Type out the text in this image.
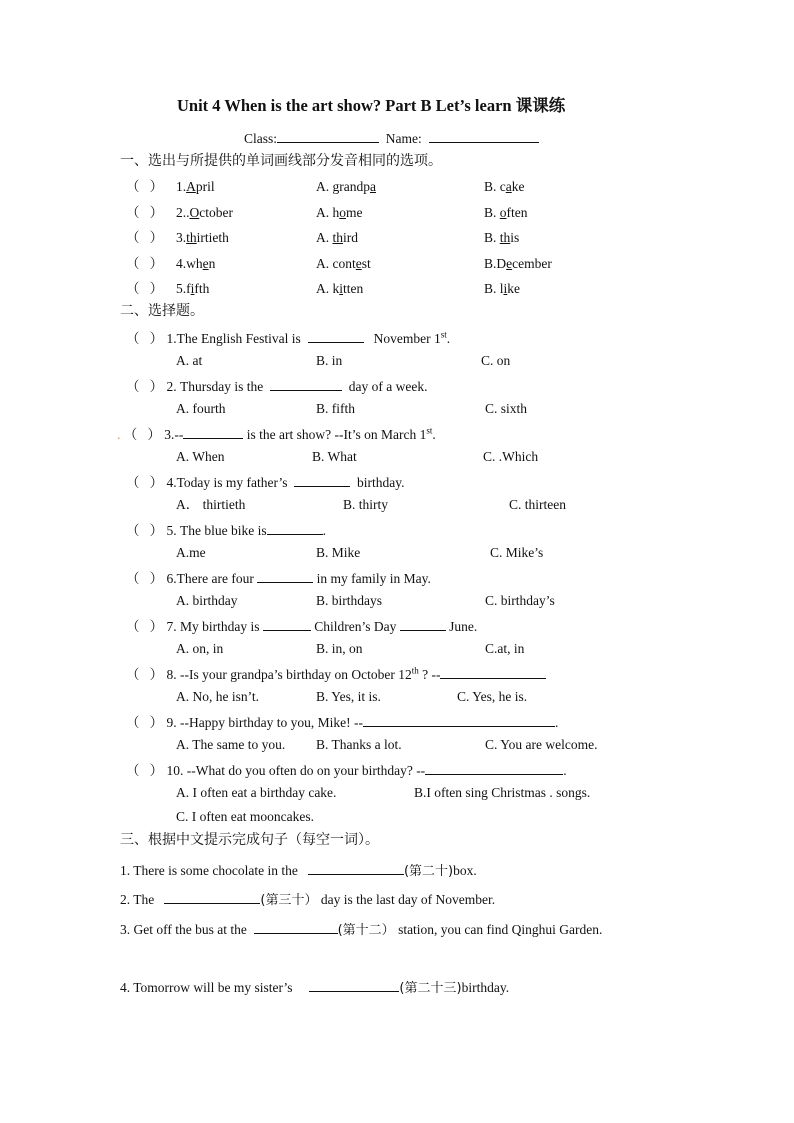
Unit 4 When is the art show? Part B Let’s learn 课课练
Class:	Name:
一、选出与所提供的单词画线部分发音相同的选项。
（ ） 1.April	A. grandpa	B. cake
（ ） 2..October	A. home	B. often
（ ） 3.thirtieth	A. third	B. this
（ ） 4.when	A. contest	B.December
（ ） 5.fifth	A. kitten	B. like
二、选择题。
（ ） 1.The English Festival is	November 1st.
A. at	B. in	C. on
（ ） 2. Thursday is the	day of a week.
A. fourth	B. fifth	C. sixth
. （ ） 3.--	is the art show? --It’s on March 1st.
A. When	B. What	C. .Which
（ ） 4.Today is my father’s	birthday.
A． thirtieth	B. thirty	C. thirteen
（ ） 5. The blue bike is	.
A.me	B. Mike	C. Mike’s
（ ） 6.There are four	in my family in May.
A. birthday	B. birthdays	C. birthday’s
（ ） 7. My birthday is	Children’s Day	June.
A. on, in	B. in, on	C.at, in
（ ） 8. --Is your grandpa’s birthday on October 12th ? --
A. No, he isn’t.	B. Yes, it is.	C. Yes, he is.
（ ） 9. --Happy birthday to you, Mike! --	.
A. The same to you. B. Thanks a lot.	C. You are welcome.
（ ） 10. --What do you often do on your birthday? --	.
A. I often eat a birthday cake.	B.I often sing Christmas . songs.
C. I often eat mooncakes.
三、根据中文提示完成句子（每空一词）。
1. There is some chocolate in the	(第二十)box.
2. The	(第三十） day is the last day of November.
3. Get off the bus at the	(第十二） station, you can find Qinghui Garden.
4. Tomorrow will be my sister’s	(第二十三)birthday.
